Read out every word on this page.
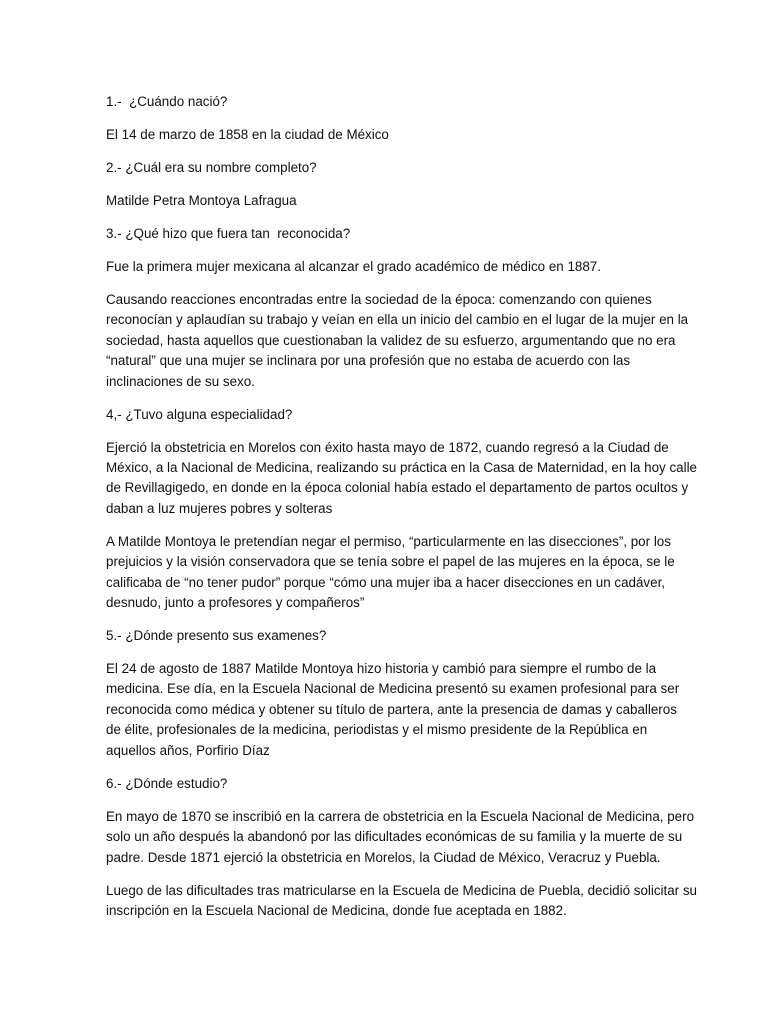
1.-  ¿Cuándo nació?

El 14 de marzo de 1858 en la ciudad de México

2.- ¿Cuál era su nombre completo?

Matilde Petra Montoya Lafragua

3.- ¿Qué hizo que fuera tan  reconocida?

Fue la primera mujer mexicana al alcanzar el grado académico de médico en 1887.

Causando reacciones encontradas entre la sociedad de la época: comenzando con quienes

reconocían y aplaudían su trabajo y veían en ella un inicio del cambio en el lugar de la mujer en la

sociedad, hasta aquellos que cuestionaban la validez de su esfuerzo, argumentando que no era

“natural” que una mujer se inclinara por una profesión que no estaba de acuerdo con las

inclinaciones de su sexo.

4,- ¿Tuvo alguna especialidad?

Ejerció la obstetricia en Morelos con éxito hasta mayo de 1872, cuando regresó a la Ciudad de

México, a la Nacional de Medicina, realizando su práctica en la Casa de Maternidad, en la hoy calle

de Revillagigedo, en donde en la época colonial había estado el departamento de partos ocultos y

daban a luz mujeres pobres y solteras

A Matilde Montoya le pretendían negar el permiso, “particularmente en las disecciones”, por los

prejuicios y la visión conservadora que se tenía sobre el papel de las mujeres en la época, se le

calificaba de “no tener pudor” porque “cómo una mujer iba a hacer disecciones en un cadáver,

desnudo, junto a profesores y compañeros”

5.- ¿Dónde presento sus examenes?

El 24 de agosto de 1887 Matilde Montoya hizo historia y cambió para siempre el rumbo de la

medicina. Ese día, en la Escuela Nacional de Medicina presentó su examen profesional para ser

reconocida como médica y obtener su título de partera, ante la presencia de damas y caballeros

de élite, profesionales de la medicina, periodistas y el mismo presidente de la República en

aquellos años, Porfirio Díaz

6.- ¿Dónde estudio?

En mayo de 1870 se inscribió en la carrera de obstetricia en la Escuela Nacional de Medicina, pero

solo un año después la abandonó por las dificultades económicas de su familia y la muerte de su

padre. Desde 1871 ejerció la obstetricia en Morelos, la Ciudad de México, Veracruz y Puebla.

Luego de las dificultades tras matricularse en la Escuela de Medicina de Puebla, decidió solicitar su

inscripción en la Escuela Nacional de Medicina, donde fue aceptada en 1882.
